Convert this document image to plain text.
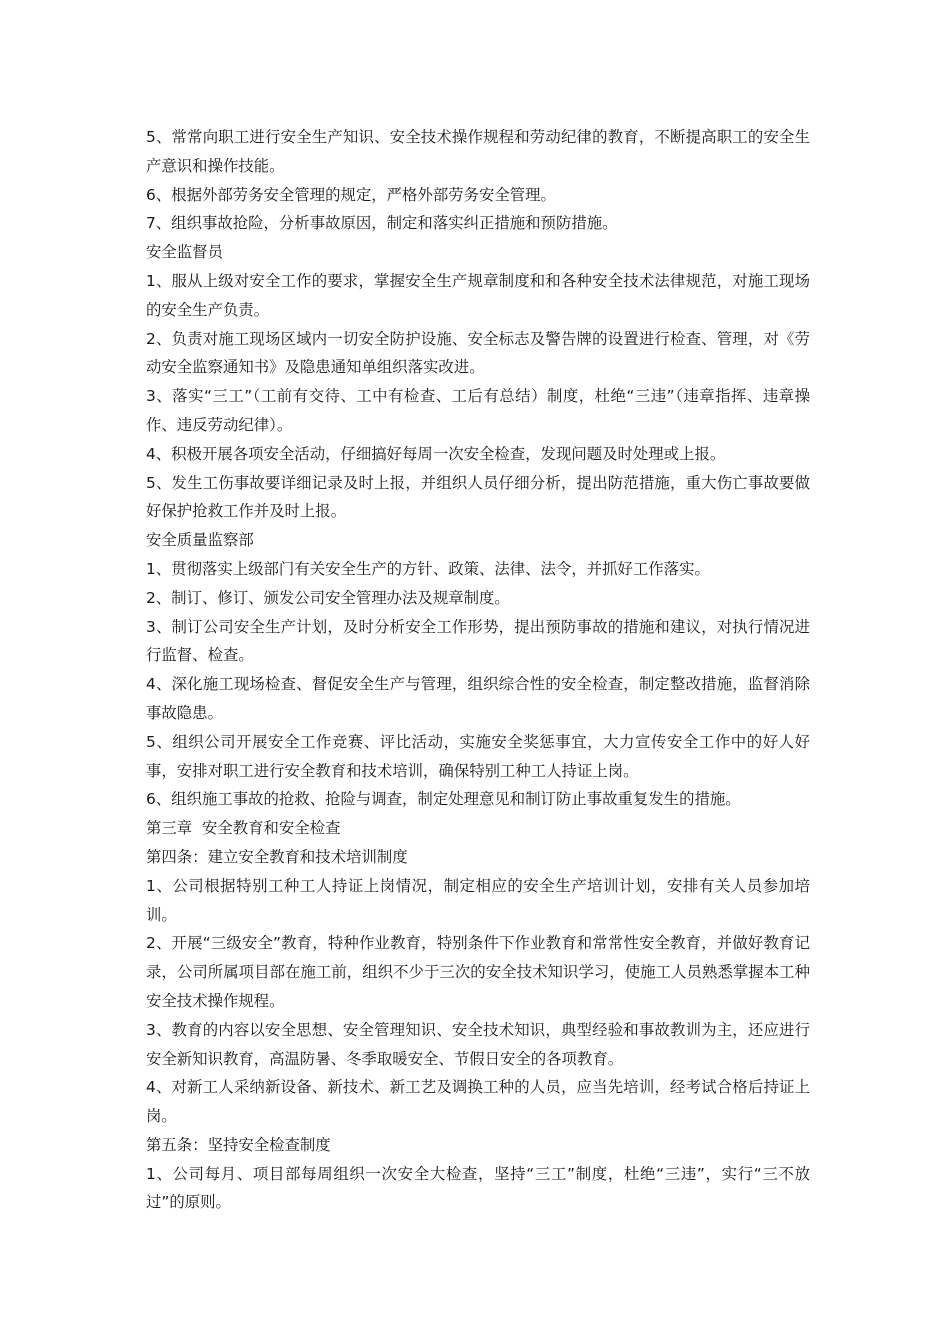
5、常常向职工进行安全生产知识、安全技术操作规程和劳动纪律的教育，不断提高职工的安全生产意识和操作技能。

6、根据外部劳务安全管理的规定，严格外部劳务安全管理。

7、组织事故抢险，分析事故原因，制定和落实纠正措施和预防措施。

安全监督员

1、服从上级对安全工作的要求，掌握安全生产规章制度和和各种安全技术法律规范，对施工现场的安全生产负责。

2、负责对施工现场区域内一切安全防护设施、安全标志及警告牌的设置进行检查、管理，对《劳动安全监察通知书》及隐患通知单组织落实改进。

3、落实“三工”（工前有交待、工中有检查、工后有总结）制度，杜绝“三违”（违章指挥、违章操作、违反劳动纪律）。

4、积极开展各项安全活动，仔细搞好每周一次安全检查，发现问题及时处理或上报。

5、发生工伤事故要详细记录及时上报，并组织人员仔细分析，提出防范措施，重大伤亡事故要做好保护抢救工作并及时上报。

安全质量监察部

1、贯彻落实上级部门有关安全生产的方针、政策、法律、法令，并抓好工作落实。

2、制订、修订、颁发公司安全管理办法及规章制度。

3、制订公司安全生产计划，及时分析安全工作形势，提出预防事故的措施和建议，对执行情况进行监督、检查。

4、深化施工现场检查、督促安全生产与管理，组织综合性的安全检查，制定整改措施，监督消除事故隐患。

5、组织公司开展安全工作竞赛、评比活动，实施安全奖惩事宜，大力宣传安全工作中的好人好事，安排对职工进行安全教育和技术培训，确保特别工种工人持证上岗。

6、组织施工事故的抢救、抢险与调查，制定处理意见和制订防止事故重复发生的措施。

第三章  安全教育和安全检查

第四条：建立安全教育和技术培训制度

1、公司根据特别工种工人持证上岗情况，制定相应的安全生产培训计划，安排有关人员参加培训。

2、开展“三级安全”教育，特种作业教育，特别条件下作业教育和常常性安全教育，并做好教育记录，公司所属项目部在施工前，组织不少于三次的安全技术知识学习，使施工人员熟悉掌握本工种安全技术操作规程。

3、教育的内容以安全思想、安全管理知识、安全技术知识，典型经验和事故教训为主，还应进行安全新知识教育，高温防暑、冬季取暖安全、节假日安全的各项教育。

4、对新工人采纳新设备、新技术、新工艺及调换工种的人员，应当先培训，经考试合格后持证上岗。

第五条：坚持安全检查制度

1、公司每月、项目部每周组织一次安全大检查，坚持“三工”制度，杜绝“三违”，实行“三不放过”的原则。
